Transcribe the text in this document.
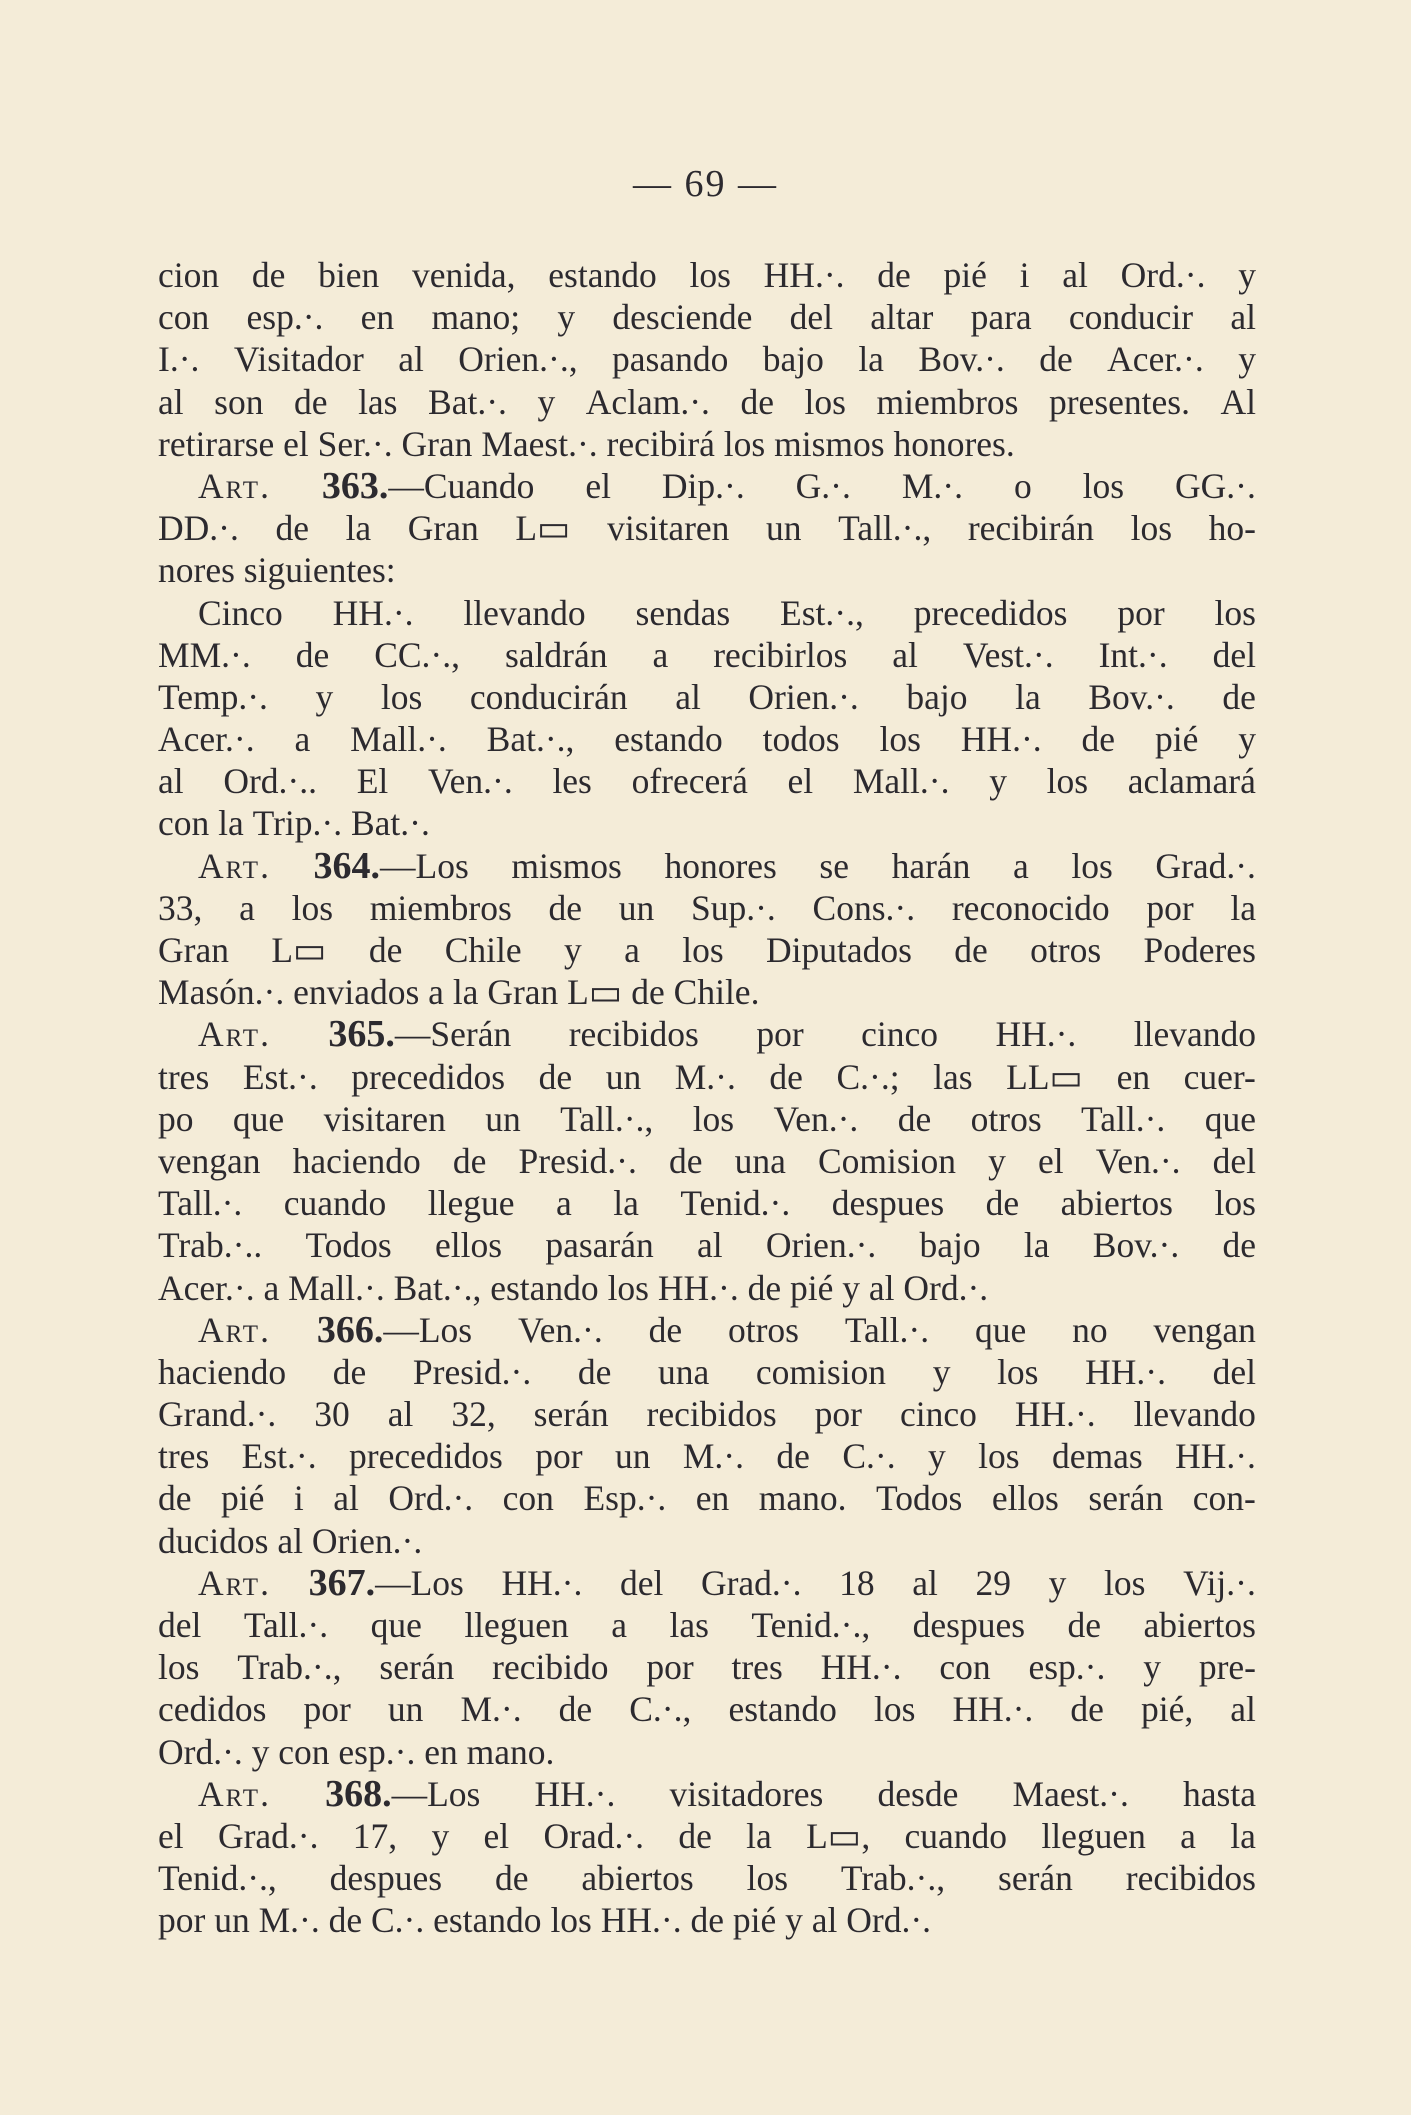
— 69 —
cion de bien venida, estando los HH.·. de pié i al Ord.·. y
con esp.·. en mano; y desciende del altar para conducir al
I.·. Visitador al Orien.·., pasando bajo la Bov.·. de Acer.·. y
al son de las Bat.·. y Aclam.·. de los miembros presentes. Al
retirarse
el
Ser.·.
Gran
Maest.·.
recibirá
los
mismos
honores.
Art. 363.—Cuando el Dip.·. G.·. M.·. o los GG.·.
DD.·. de la Gran L▭ visitaren un Tall.·., recibirán los ho-
nores
siguientes:
Cinco HH.·. llevando sendas Est.·., precedidos por los
MM.·. de CC.·., saldrán a recibirlos al Vest.·. Int.·. del
Temp.·. y los conducirán al Orien.·. bajo la Bov.·. de
Acer.·. a Mall.·. Bat.·., estando todos los HH.·. de pié y
al Ord.·.. El Ven.·. les ofrecerá el Mall.·. y los aclamará
con
la
Trip.·.
Bat.·.
Art. 364.—Los mismos honores se harán a los Grad.·.
33, a los miembros de un Sup.·. Cons.·. reconocido por la
Gran L▭ de Chile y a los Diputados de otros Poderes
Masón.·.
enviados
a
la
Gran
L▭
de
Chile.
Art. 365.—Serán recibidos por cinco HH.·. llevando
tres Est.·. precedidos de un M.·. de C.·.; las LL▭ en cuer-
po que visitaren un Tall.·., los Ven.·. de otros Tall.·. que
vengan haciendo de Presid.·. de una Comision y el Ven.·. del
Tall.·. cuando llegue a la Tenid.·. despues de abiertos los
Trab.·.. Todos ellos pasarán al Orien.·. bajo la Bov.·. de
Acer.·.
a
Mall.·.
Bat.·.,
estando
los
HH.·.
de
pié
y
al
Ord.·.
Art. 366.—Los Ven.·. de otros Tall.·. que no vengan
haciendo de Presid.·. de una comision y los HH.·. del
Grand.·. 30 al 32, serán recibidos por cinco HH.·. llevando
tres Est.·. precedidos por un M.·. de C.·. y los demas HH.·.
de pié i al Ord.·. con Esp.·. en mano. Todos ellos serán con-
ducidos
al
Orien.·.
Art. 367.—Los HH.·. del Grad.·. 18 al 29 y los Vij.·.
del Tall.·. que lleguen a las Tenid.·., despues de abiertos
los Trab.·., serán recibido por tres HH.·. con esp.·. y pre-
cedidos por un M.·. de C.·., estando los HH.·. de pié, al
Ord.·.
y
con
esp.·.
en
mano.
Art. 368.—Los HH.·. visitadores desde Maest.·. hasta
el Grad.·. 17, y el Orad.·. de la L▭, cuando lleguen a la
Tenid.·., despues de abiertos los Trab.·., serán recibidos
por
un
M.·.
de
C.·.
estando
los
HH.·.
de
pié
y
al
Ord.·.
